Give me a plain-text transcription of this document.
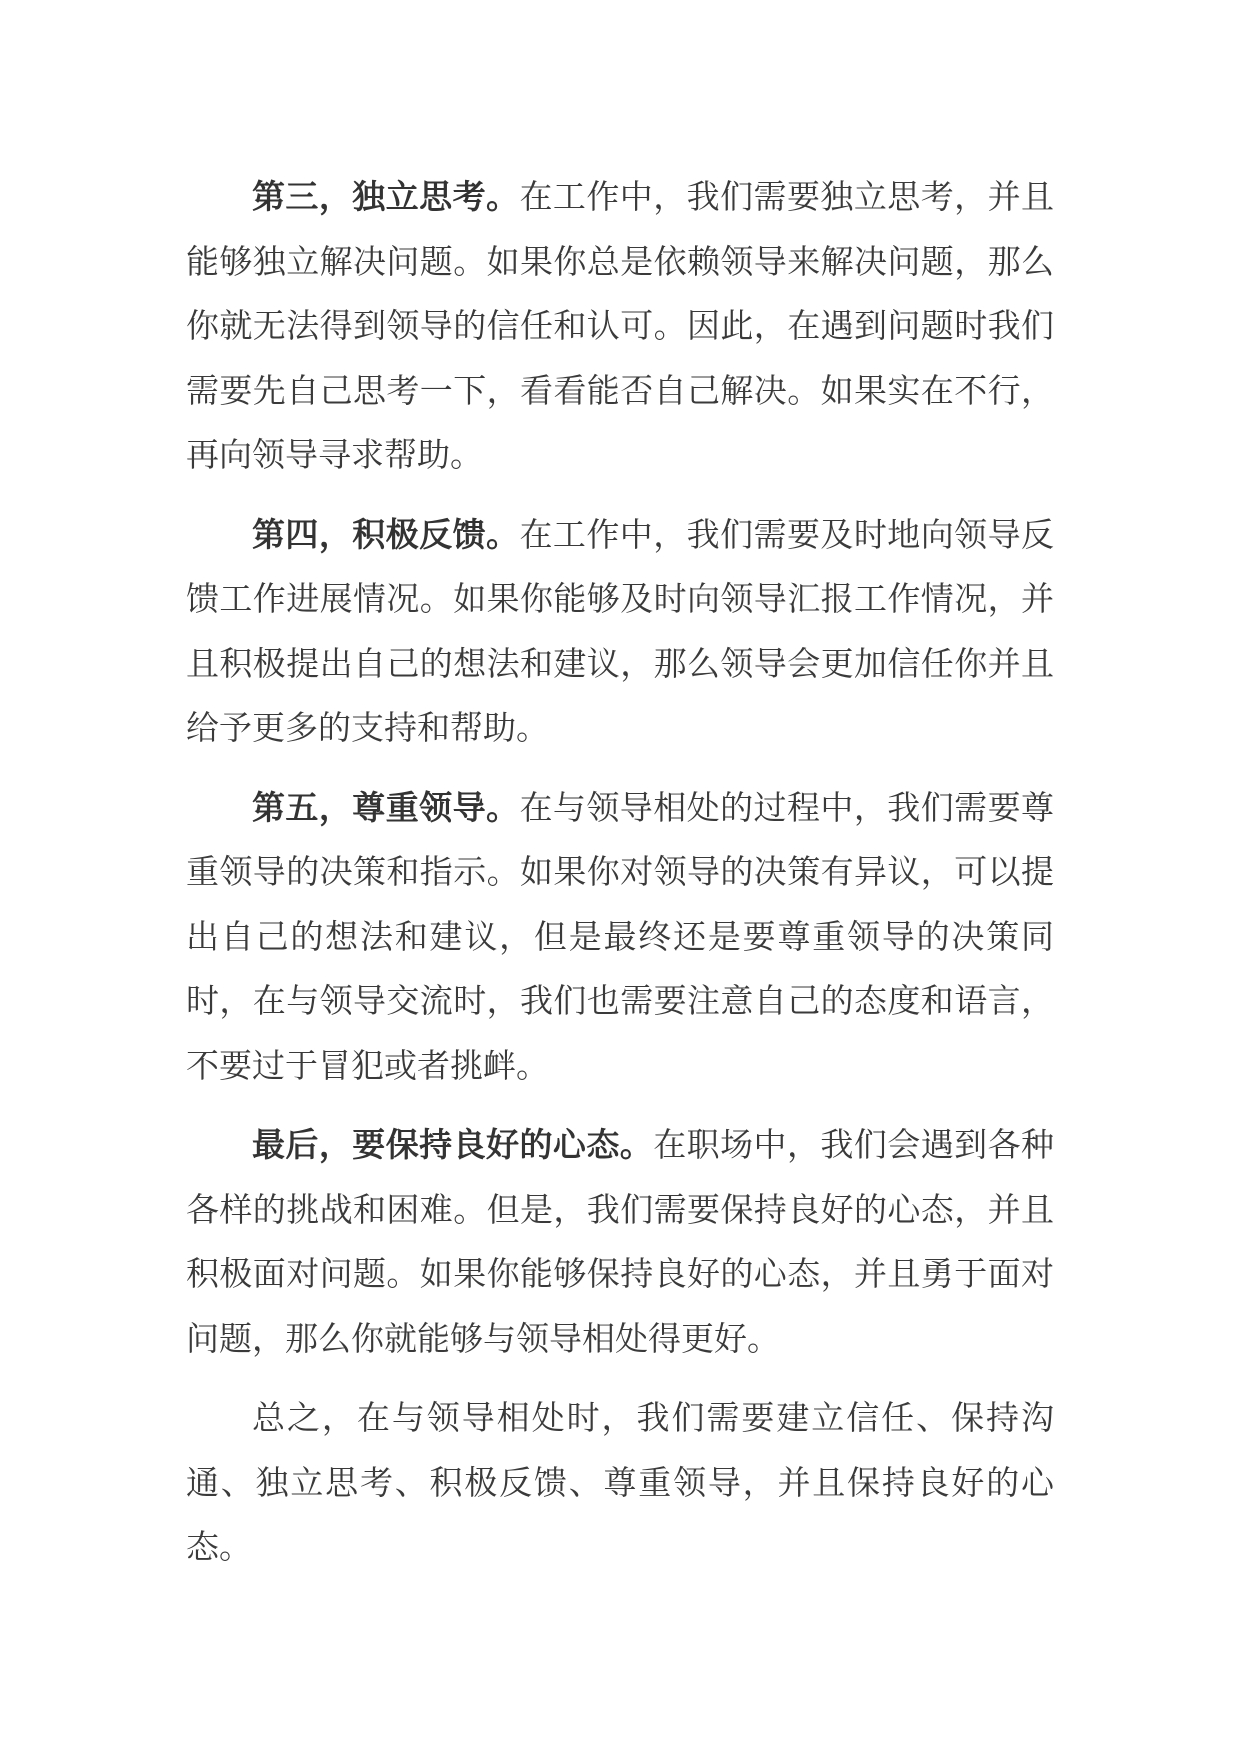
第三，独立思考。在工作中，我们需要独立思考，并且能够独立解决问题。如果你总是依赖领导来解决问题，那么你就无法得到领导的信任和认可。因此，在遇到问题时我们需要先自己思考一下，看看能否自己解决。如果实在不行，再向领导寻求帮助。

第四，积极反馈。在工作中，我们需要及时地向领导反馈工作进展情况。如果你能够及时向领导汇报工作情况，并且积极提出自己的想法和建议，那么领导会更加信任你并且给予更多的支持和帮助。

第五，尊重领导。在与领导相处的过程中，我们需要尊重领导的决策和指示。如果你对领导的决策有异议，可以提出自己的想法和建议，但是最终还是要尊重领导的决策同时，在与领导交流时，我们也需要注意自己的态度和语言，不要过于冒犯或者挑衅。

最后，要保持良好的心态。在职场中，我们会遇到各种各样的挑战和困难。但是，我们需要保持良好的心态，并且积极面对问题。如果你能够保持良好的心态，并且勇于面对问题，那么你就能够与领导相处得更好。

总之，在与领导相处时，我们需要建立信任、保持沟通、独立思考、积极反馈、尊重领导，并且保持良好的心态。
